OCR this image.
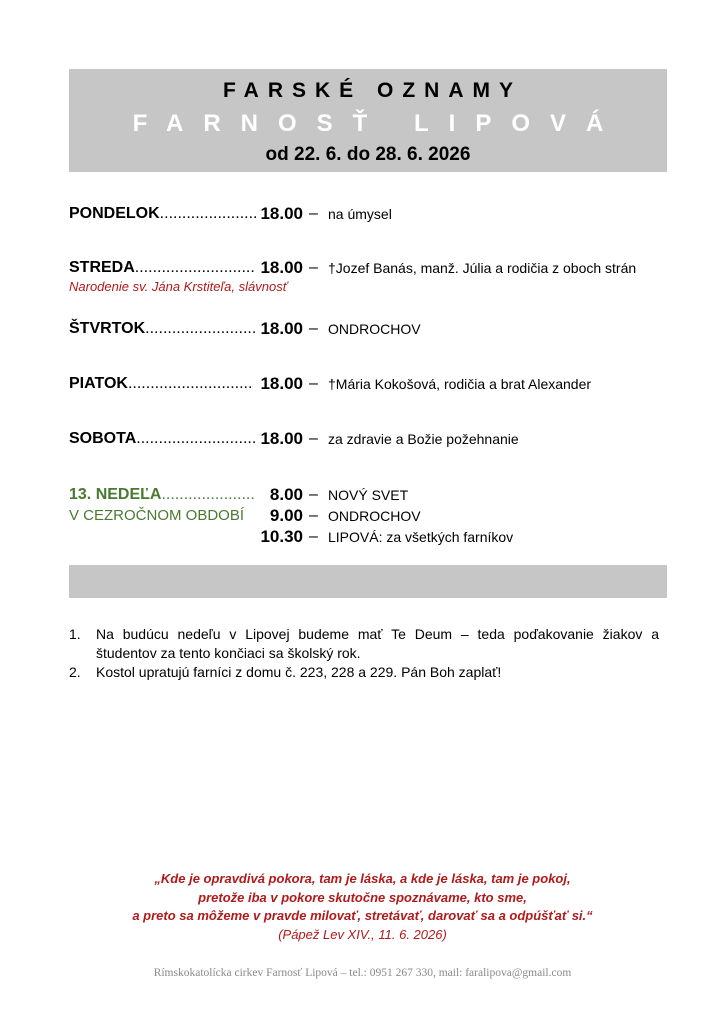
FARSKÉ OZNAMY
FARNOSŤ LIPOVÁ
od 22. 6. do 28. 6. 2026
PONDELOK...................... 18.00 – na úmysel
STREDA........................... 18.00 – †Jozef Banás, manž. Júlia a rodičia z oboch strán
Narodenie sv. Jána Krstiteľa, slávnosť
ŠTVRTOK......................... 18.00 – ONDROCHOV
PIATOK............................ 18.00 – †Mária Kokošová, rodičia a brat Alexander
SOBOTA........................... 18.00 – za zdravie a Božie požehnanie
13. NEDEĽA..................... 8.00 – NOVÝ SVET
V CEZROČNOM OBDOBÍ	9.00 – ONDROCHOV
10.30 – LIPOVÁ: za všetkých farníkov
1. Na budúcu nedeľu v Lipovej budeme mať Te Deum – teda poďakovanie žiakov a študentov za tento končiaci sa školský rok.
2. Kostol upratujú farníci z domu č. 223, 228 a 229. Pán Boh zaplať!
„Kde je opravdivá pokora, tam je láska, a kde je láska, tam je pokoj,
pretože iba v pokore skutočne spoznávame, kto sme,
a preto sa môžeme v pravde milovať, stretávať, darovať sa a odpúšťať si.“
(Pápež Lev XIV., 11. 6. 2026)
Rímskokatolícka cirkev Farnosť Lipová – tel.: 0951 267 330, mail: faralipova@gmail.com
